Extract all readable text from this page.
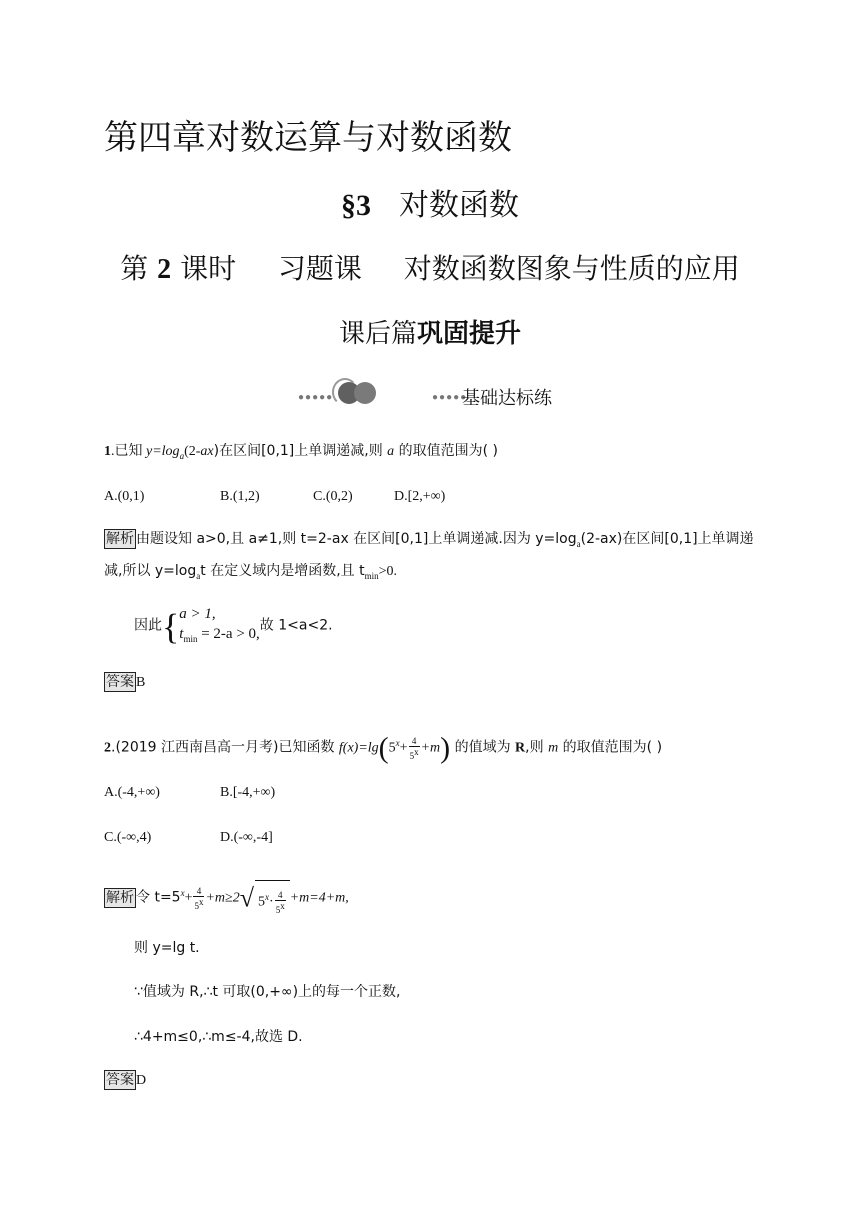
第四章对数运算与对数函数
§3 对数函数
第 2 课时 习题课 对数函数图象与性质的应用
课后篇巩固提升
●●●●●	●●●●●
基础达标练
1.已知 $y=\log_a(2-ax)$在区间[0,1]上单调递减,则 a 的取值范围为( )
A.(0,1)	B.(1,2)	C.(0,2)	D.[2,+∞)
解析 由题设知 a>0,且 a≠1,则 t=2-ax 在区间[0,1]上单调递减.因为 $y=\log_a(2-ax)$在区间[0,1]上单调递
减,所以 $y=\log_at$ 在定义域内是增函数,且 $t_{min}>0$.
因此{ a > 1,
$t_{min} = 2-a > 0$,
故 1<a<2.
答案 B
2.(2019 江西南昌高一月考)已知函数 $f(x)=\lg(5^x+ \frac{4}{5^x} +m)$ 的值域为 R,则 m 的取值范围为( )
A.(-4,+∞)	B.[-4,+∞)
C.(-∞,4)	D.(-∞,-4]
解析 令 $t=5^x+ \frac{4}{5^x} +m\ge 2√$ $5^x\cdot \frac{4}{5^x} +m=4+m$,
则 y=lg t.
∵值域为 R,∴t 可取(0,+∞)上的每一个正数,
∴4+m≤0,∴m≤-4,故选 D.
答案 D
